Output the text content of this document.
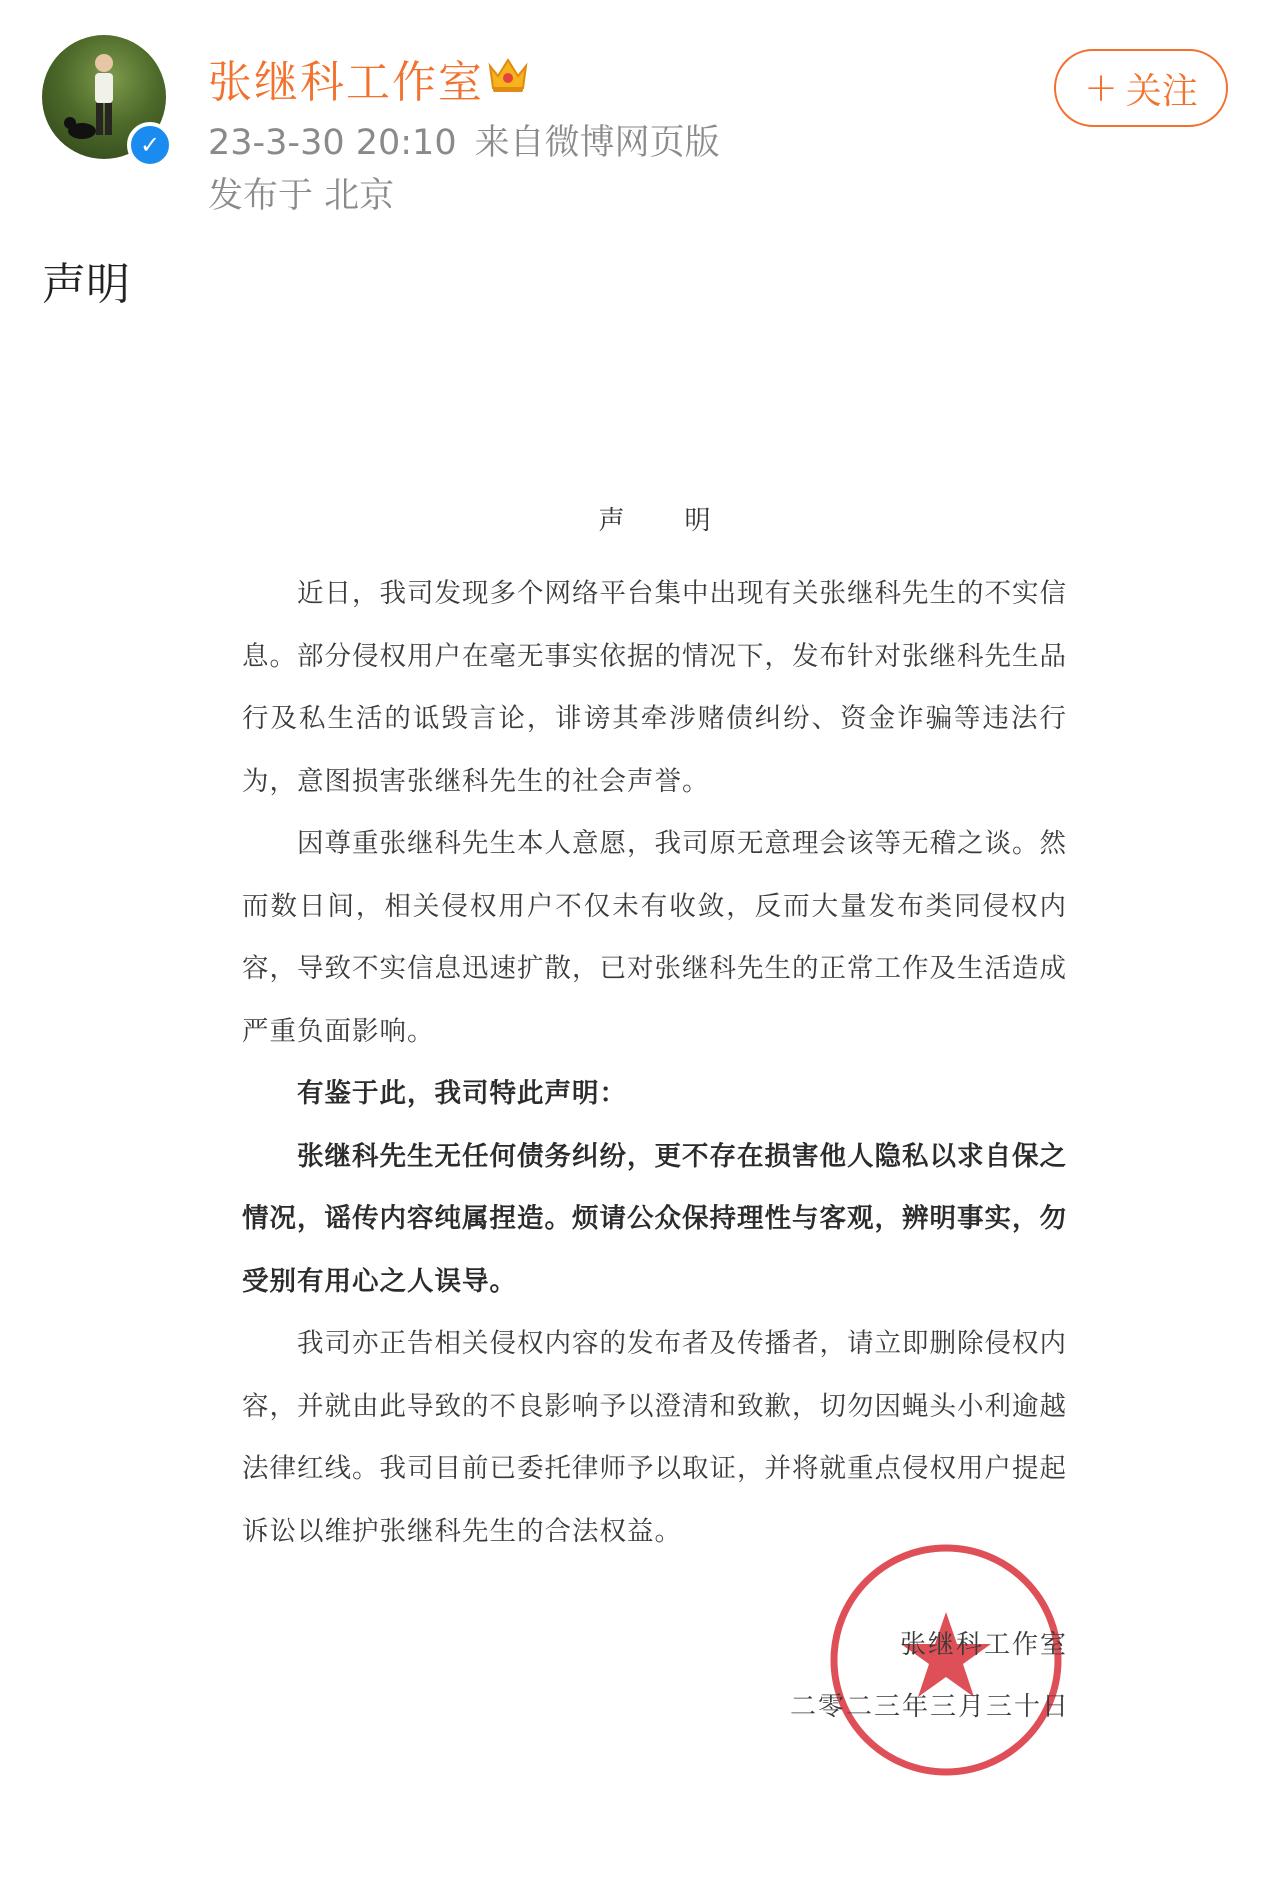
✓
张继科工作室
23-3-30 20:10 来自微博网页版
发布于 北京
+ 关注
声明
声明

近日，我司发现多个网络平台集中出现有关张继科先生的不实信息。部分侵权用户在毫无事实依据的情况下，发布针对张继科先生品行及私生活的诋毁言论，诽谤其牵涉赌债纠纷、资金诈骗等违法行为，意图损害张继科先生的社会声誉。

因尊重张继科先生本人意愿，我司原无意理会该等无稽之谈。然而数日间，相关侵权用户不仅未有收敛，反而大量发布类同侵权内容，导致不实信息迅速扩散，已对张继科先生的正常工作及生活造成严重负面影响。

有鉴于此，我司特此声明：

张继科先生无任何债务纠纷，更不存在损害他人隐私以求自保之情况，谣传内容纯属捏造。烦请公众保持理性与客观，辨明事实，勿受别有用心之人误导。

我司亦正告相关侵权内容的发布者及传播者，请立即删除侵权内容，并就由此导致的不良影响予以澄清和致歉，切勿因蝇头小利逾越法律红线。我司目前已委托律师予以取证，并将就重点侵权用户提起诉讼以维护张继科先生的合法权益。

张继科工作室
二零二三年三月三十日
